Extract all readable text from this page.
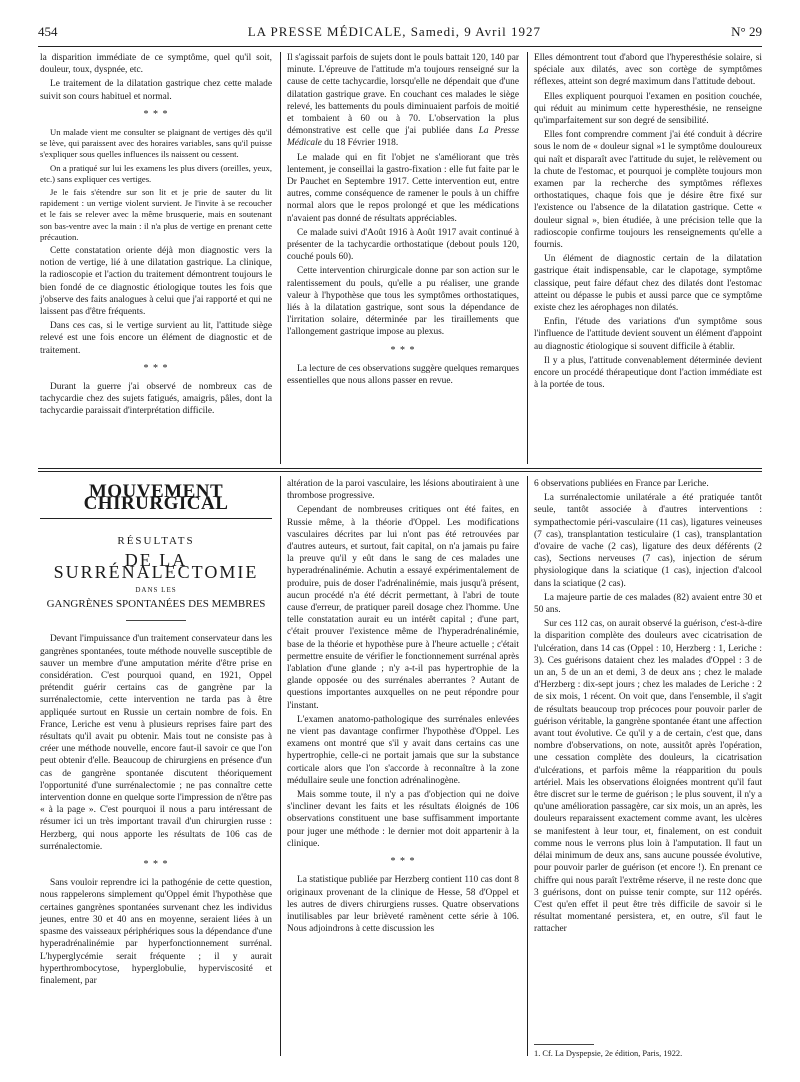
454	LA PRESSE MÉDICALE, Samedi, 9 Avril 1927	N° 29

la disparition immédiate de ce symptôme, quel qu'il soit, douleur, toux, dyspnée, etc.

Le traitement de la dilatation gastrique chez cette malade suivit son cours habituel et normal.

* * *

Un malade vient me consulter se plaignant de vertiges dès qu'il se lève, qui paraissent avec des horaires variables, sans qu'il puisse s'expliquer sous quelles influences ils naissent ou cessent.

On a pratiqué sur lui les examens les plus divers (oreilles, yeux, etc.) sans expliquer ces vertiges.

Je le fais s'étendre sur son lit et je prie de sauter du lit rapidement : un vertige violent survient. Je l'invite à se recoucher et le fais se relever avec la même brusquerie, mais en soutenant son bas-ventre avec la main : il n'a plus de vertige en prenant cette précaution.

Cette constatation oriente déjà mon diagnostic vers la notion de vertige, lié à une dilatation gastrique. La clinique, la radioscopie et l'action du traitement démontrent toujours le bien fondé de ce diagnostic étiologique toutes les fois que j'observe des faits analogues à celui que j'ai rapporté et qui ne laissent pas d'être fréquents.

Dans ces cas, si le vertige survient au lit, l'attitude siège relevé est une fois encore un élément de diagnostic et de traitement.

* * *

Durant la guerre j'ai observé de nombreux cas de tachycardie chez des sujets fatigués, amaigris, pâles, dont la tachycardie paraissait d'interprétation difficile.

Il s'agissait parfois de sujets dont le pouls battait 120, 140 par minute. L'épreuve de l'attitude m'a toujours renseigné sur la cause de cette tachycardie, lorsqu'elle ne dépendait que d'une dilatation gastrique grave. En couchant ces malades le siège relevé, les battements du pouls diminuaient parfois de moitié et tombaient à 60 ou à 70. L'observation la plus démonstrative est celle que j'ai publiée dans La Presse Médicale du 18 Février 1918.

Le malade qui en fit l'objet ne s'améliorant que très lentement, je conseillai la gastro-fixation : elle fut faite par le Dr Pauchet en Septembre 1917. Cette intervention eut, entre autres, comme conséquence de ramener le pouls à un chiffre normal alors que le repos prolongé et que les médications n'avaient pas donné de résultats appréciables.

Ce malade suivi d'Août 1916 à Août 1917 avait continué à présenter de la tachycardie orthostatique (debout pouls 120, couché pouls 60).

Cette intervention chirurgicale donne par son action sur le ralentissement du pouls, qu'elle a pu réaliser, une grande valeur à l'hypothèse que tous les symptômes orthostatiques, liés à la dilatation gastrique, sont sous la dépendance de l'irritation solaire, déterminée par les tiraillements que l'allongement gastrique impose au plexus.

* * *

La lecture de ces observations suggère quelques remarques essentielles que nous allons passer en revue.

Elles démontrent tout d'abord que l'hyperesthésie solaire, si spéciale aux dilatés, avec son cortège de symptômes réflexes, atteint son degré maximum dans l'attitude debout.

Elles expliquent pourquoi l'examen en position couchée, qui réduit au minimum cette hyperesthésie, ne renseigne qu'imparfaitement sur son degré de sensibilité.

Elles font comprendre comment j'ai été conduit à décrire sous le nom de « douleur signal »1 le symptôme douloureux qui naît et disparaît avec l'attitude du sujet, le relèvement ou la chute de l'estomac, et pourquoi je complète toujours mon examen par la recherche des symptômes réflexes orthostatiques, chaque fois que je désire être fixé sur l'existence ou l'absence de la dilatation gastrique. Cette « douleur signal », bien étudiée, à une précision telle que la radioscopie confirme toujours les renseignements qu'elle a fournis.

Un élément de diagnostic certain de la dilatation gastrique était indispensable, car le clapotage, symptôme classique, peut faire défaut chez des dilatés dont l'estomac atteint ou dépasse le pubis et aussi parce que ce symptôme existe chez les aérophages non dilatés.

Enfin, l'étude des variations d'un symptôme sous l'influence de l'attitude devient souvent un élément d'appoint au diagnostic étiologique si souvent difficile à établir.

Il y a plus, l'attitude convenablement déterminée devient encore un procédé thérapeutique dont l'action immédiate est à la portée de tous.

MOUVEMENT CHIRURGICAL
RÉSULTATS
DE LA SURRÉNALECTOMIE
DANS LES
GANGRÈNES SPONTANÉES DES MEMBRES

Devant l'impuissance d'un traitement conservateur dans les gangrènes spontanées, toute méthode nouvelle susceptible de sauver un membre d'une amputation mérite d'être prise en considération. C'est pourquoi quand, en 1921, Oppel prétendit guérir certains cas de gangrène par la surrénalectomie, cette intervention ne tarda pas à être appliquée surtout en Russie un certain nombre de fois. En France, Leriche est venu à plusieurs reprises faire part des résultats qu'il avait pu obtenir. Mais tout ne consiste pas à créer une méthode nouvelle, encore faut-il savoir ce que l'on peut obtenir d'elle. Beaucoup de chirurgiens en présence d'un cas de gangrène spontanée discutent théoriquement l'opportunité d'une surrénalectomie ; ne pas connaître cette intervention donne en quelque sorte l'impression de n'être pas « à la page ». C'est pourquoi il nous a paru intéressant de résumer ici un très important travail d'un chirurgien russe : Herzberg, qui nous apporte les résultats de 106 cas de surrénalectomie.

* * *

Sans vouloir reprendre ici la pathogénie de cette question, nous rappelerons simplement qu'Oppel émit l'hypothèse que certaines gangrènes spontanées survenant chez les individus jeunes, entre 30 et 40 ans en moyenne, seraient liées à un spasme des vaisseaux périphériques sous la dépendance d'une hyperadrénalinémie par hyperfonctionnement surrénal. L'hyperglycémie serait fréquente ; il y aurait hyperthrombocytose, hyperglobulie, hyperviscosité et finalement, par

altération de la paroi vasculaire, les lésions aboutiraient à une thrombose progressive.

Cependant de nombreuses critiques ont été faites, en Russie même, à la théorie d'Oppel. Les modifications vasculaires décrites par lui n'ont pas été retrouvées par d'autres auteurs, et surtout, fait capital, on n'a jamais pu faire la preuve qu'il y eût dans le sang de ces malades une hyperadrénalinémie. Achutin a essayé expérimentalement de produire, puis de doser l'adrénalinémie, mais jusqu'à présent, aucun procédé n'a été décrit permettant, à l'abri de toute cause d'erreur, de pratiquer pareil dosage chez l'homme. Une telle constatation aurait eu un intérêt capital ; d'une part, c'était prouver l'existence même de l'hyperadrénalinémie, base de la théorie et hypothèse pure à l'heure actuelle ; c'était permettre ensuite de vérifier le fonctionnement surrénal après l'ablation d'une glande ; n'y a-t-il pas hypertrophie de la glande opposée ou des surrénales aberrantes ? Autant de questions importantes auxquelles on ne peut répondre pour l'instant.

L'examen anatomo-pathologique des surrénales enlevées ne vient pas davantage confirmer l'hypothèse d'Oppel. Les examens ont montré que s'il y avait dans certains cas une hypertrophie, celle-ci ne portait jamais que sur la substance corticale alors que l'on s'accorde à reconnaître à la zone médullaire seule une fonction adrénalinogène.

Mais somme toute, il n'y a pas d'objection qui ne doive s'incliner devant les faits et les résultats éloignés de 106 observations constituent une base suffisamment importante pour juger une méthode : le dernier mot doit appartenir à la clinique.

* * *

La statistique publiée par Herzberg contient 110 cas dont 8 originaux provenant de la clinique de Hesse, 58 d'Oppel et les autres de divers chirurgiens russes. Quatre observations inutilisables par leur brièveté ramènent cette série à 106. Nous adjoindrons à cette discussion les

6 observations publiées en France par Leriche.

La surrénalectomie unilatérale a été pratiquée tantôt seule, tantôt associée à d'autres interventions : sympathectomie péri-vasculaire (11 cas), ligatures veineuses (7 cas), transplantation testiculaire (1 cas), transplantation d'ovaire de vache (2 cas), ligature des deux déférents (2 cas), Sections nerveuses (7 cas), injection de sérum physiologique dans la sciatique (1 cas), injection d'alcool dans la sciatique (2 cas).

La majeure partie de ces malades (82) avaient entre 30 et 50 ans.

Sur ces 112 cas, on aurait observé la guérison, c'est-à-dire la disparition complète des douleurs avec cicatrisation de l'ulcération, dans 14 cas (Oppel : 10, Herzberg : 1, Leriche : 3). Ces guérisons dataient chez les malades d'Oppel : 3 de un an, 5 de un an et demi, 3 de deux ans ; chez le malade d'Herzberg : dix-sept jours ; chez les malades de Leriche : 2 de six mois, 1 récent. On voit que, dans l'ensemble, il s'agit de résultats beaucoup trop précoces pour pouvoir parler de guérison véritable, la gangrène spontanée étant une affection avant tout évolutive. Ce qu'il y a de certain, c'est que, dans nombre d'observations, on note, aussitôt après l'opération, une cessation complète des douleurs, la cicatrisation d'ulcérations, et parfois même la réapparition du pouls artériel. Mais les observations éloignées montrent qu'il faut être discret sur le terme de guérison ; le plus souvent, il n'y a qu'une amélioration passagère, car six mois, un an après, les douleurs reparaissent exactement comme avant, les ulcères se manifestent à leur tour, et, finalement, on est conduit comme nous le verrons plus loin à l'amputation. Il faut un délai minimum de deux ans, sans aucune poussée évolutive, pour pouvoir parler de guérison (et encore !). En prenant ce chiffre qui nous paraît l'extrême réserve, il ne reste donc que 3 guérisons, dont on puisse tenir compte, sur 112 opérés. C'est qu'en effet il peut être très difficile de savoir si le résultat momentané persistera, et, en outre, s'il faut le rattacher

1. Cf. La Dyspepsie, 2e édition, Paris, 1922.
